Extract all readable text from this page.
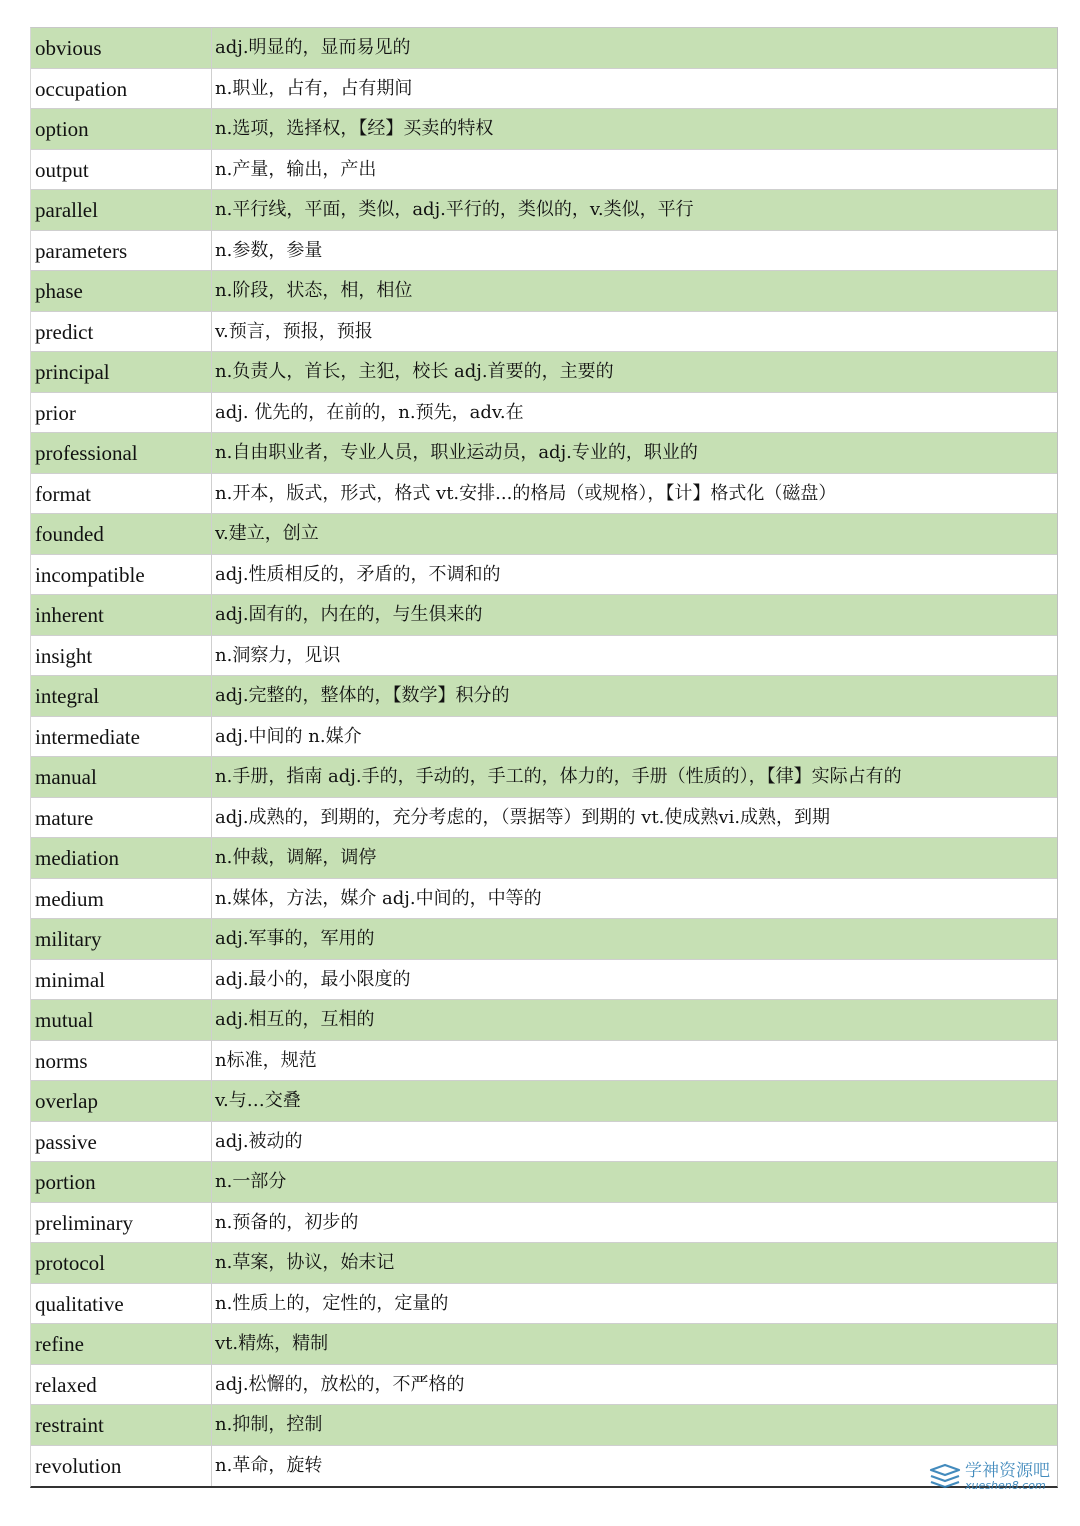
obvious	adj.明显的，显而易见的
occupation	n.职业，占有，占有期间
option	n.选项，选择权，【经】买卖的特权
output	n.产量，输出，产出
parallel	n.平行线，平面，类似，adj.平行的，类似的，v.类似，平行
parameters	n.参数，参量
phase	n.阶段，状态，相，相位
predict	v.预言，预报，预报
principal	n.负责人，首长，主犯，校长 adj.首要的，主要的
prior	adj. 优先的，在前的，n.预先，adv.在
professional	n.自由职业者，专业人员，职业运动员，adj.专业的，职业的
format	n.开本，版式，形式，格式 vt.安排...的格局（或规格），【计】格式化（磁盘）
founded	v.建立，创立
incompatible	adj.性质相反的，矛盾的，不调和的
inherent	adj.固有的，内在的，与生俱来的
insight	n.洞察力，见识
integral	adj.完整的，整体的，【数学】积分的
intermediate	adj.中间的 n.媒介
manual	n.手册，指南 adj.手的，手动的，手工的，体力的，手册（性质的），【律】实际占有的
mature	adj.成熟的，到期的，充分考虑的，（票据等）到期的 vt.使成熟vi.成熟，到期
mediation	n.仲裁，调解，调停
medium	n.媒体，方法，媒介 adj.中间的，中等的
military	adj.军事的，军用的
minimal	adj.最小的，最小限度的
mutual	adj.相互的，互相的
norms	n标准，规范
overlap	v.与…交叠
passive	adj.被动的
portion	n.一部分
preliminary	n.预备的，初步的
protocol	n.草案，协议，始末记
qualitative	n.性质上的，定性的，定量的
refine	vt.精炼，精制
relaxed	adj.松懈的，放松的，不严格的
restraint	n.抑制，控制
revolution	n.革命，旋转	学神资源吧
xueshen8.com
